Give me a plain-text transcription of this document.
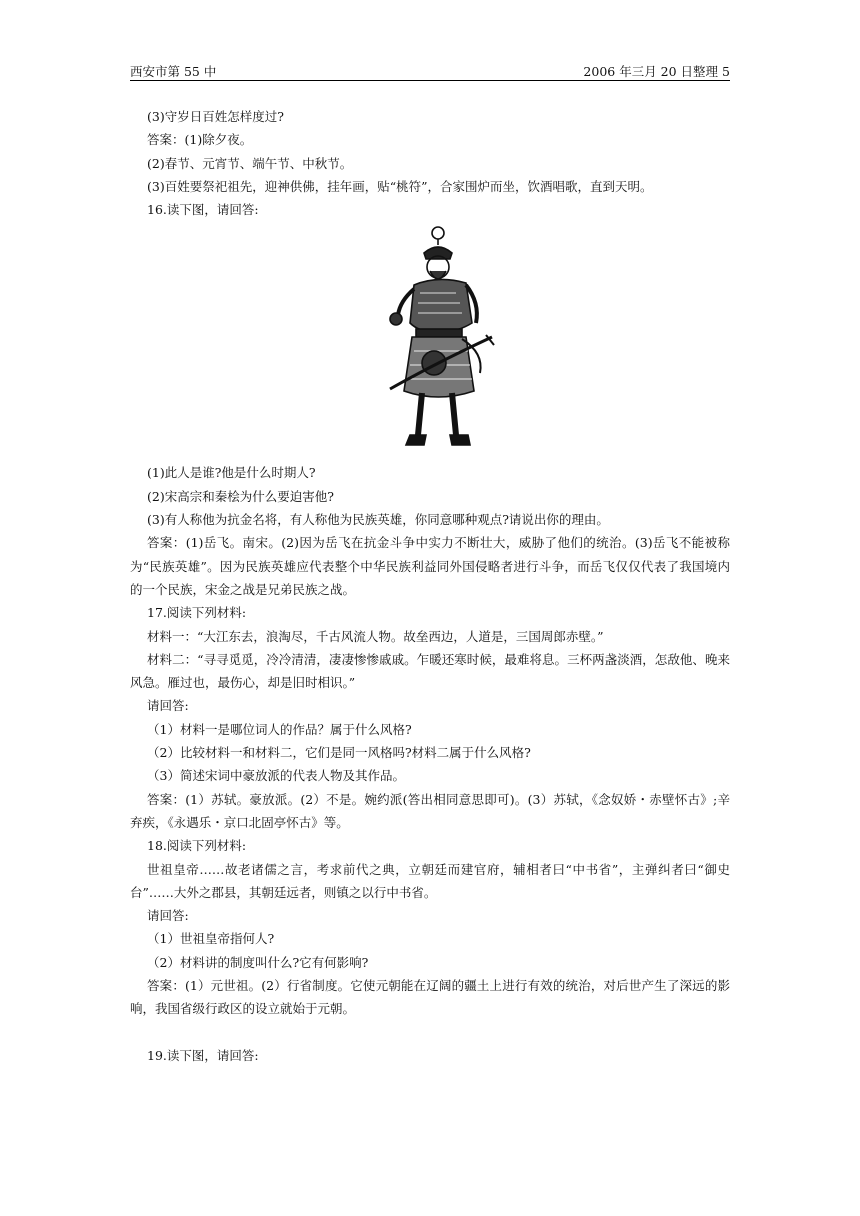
西安市第 55 中	2006 年三月 20 日整理 5

(3)守岁日百姓怎样度过?

答案：(1)除夕夜。

(2)春节、元宵节、端午节、中秋节。

(3)百姓要祭祀祖先，迎神供佛，挂年画，贴“桃符”，合家围炉而坐，饮酒唱歌，直到天明。

16.读下图，请回答:

(1)此人是谁?他是什么时期人?

(2)宋高宗和秦桧为什么要迫害他?

(3)有人称他为抗金名将，有人称他为民族英雄，你同意哪种观点?请说出你的理由。

答案：(1)岳飞。南宋。(2)因为岳飞在抗金斗争中实力不断壮大，威胁了他们的统治。(3)岳飞不能被称为“民族英雄”。因为民族英雄应代表整个中华民族利益同外国侵略者进行斗争，而岳飞仅仅代表了我国境内的一个民族，宋金之战是兄弟民族之战。

17.阅读下列材料:

材料一：“大江东去，浪淘尽，千古风流人物。故垒西边，人道是，三国周郎赤壁。”

材料二：“寻寻觅觅，冷冷清清，凄凄惨惨戚戚。乍暖还寒时候，最难将息。三杯两盏淡酒，怎敌他、晚来风急。雁过也，最伤心，却是旧时相识。”

请回答:

（1）材料一是哪位词人的作品？属于什么风格?

（2）比较材料一和材料二，它们是同一风格吗?材料二属于什么风格?

（3）简述宋词中豪放派的代表人物及其作品。

答案：(1）苏轼。豪放派。(2）不是。婉约派(答出相同意思即可)。(3）苏轼，《念奴娇・赤壁怀古》;辛弃疾，《永遇乐・京口北固亭怀古》等。

18.阅读下列材料:

世祖皇帝……故老诸儒之言，考求前代之典，立朝廷而建官府，辅相者曰“中书省”，主弹纠者曰“御史台”……大外之郡县，其朝廷远者，则镇之以行中书省。

请回答:

（1）世祖皇帝指何人?

（2）材料讲的制度叫什么?它有何影响?

答案：(1）元世祖。(2）行省制度。它使元朝能在辽阔的疆土上进行有效的统治，对后世产生了深远的影响，我国省级行政区的设立就始于元朝。

19.读下图，请回答:
